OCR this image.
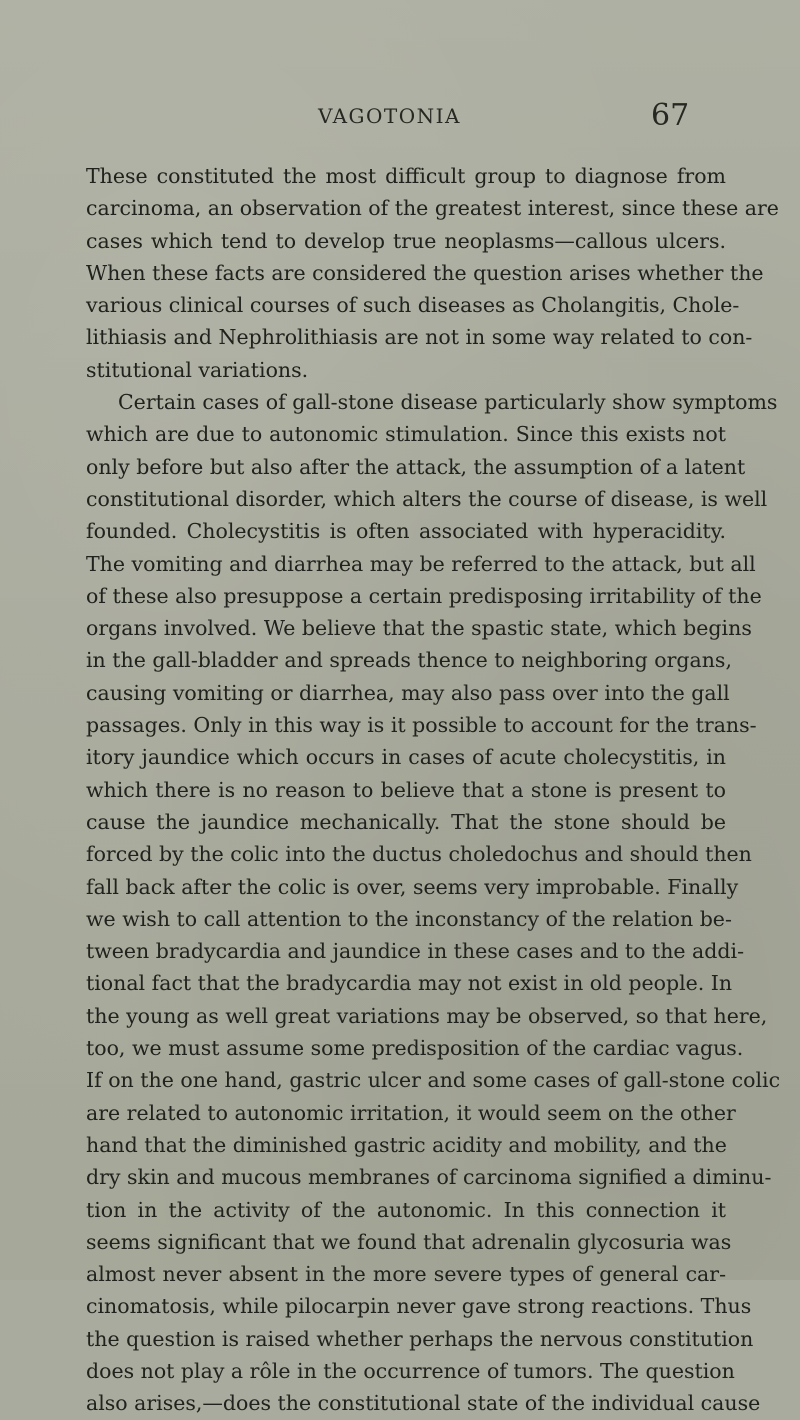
VAGOTONIA	67
These constituted the most difficult group to diagnose from
carcinoma, an observation of the greatest interest, since these are
cases which tend to develop true neoplasms—callous ulcers.
When these facts are considered the question arises whether the
various clinical courses of such diseases as Cholangitis, Chole-
lithiasis and Nephrolithiasis are not in some way related to con-
stitutional variations.
Certain cases of gall-stone disease particularly show symptoms
which are due to autonomic stimulation. Since this exists not
only before but also after the attack, the assumption of a latent
constitutional disorder, which alters the course of disease, is well
founded. Cholecystitis is often associated with hyperacidity.
The vomiting and diarrhea may be referred to the attack, but all
of these also presuppose a certain predisposing irritability of the
organs involved. We believe that the spastic state, which begins
in the gall-bladder and spreads thence to neighboring organs,
causing vomiting or diarrhea, may also pass over into the gall
passages. Only in this way is it possible to account for the trans-
itory jaundice which occurs in cases of acute cholecystitis, in
which there is no reason to believe that a stone is present to
cause the jaundice mechanically. That the stone should be
forced by the colic into the ductus choledochus and should then
fall back after the colic is over, seems very improbable. Finally
we wish to call attention to the inconstancy of the relation be-
tween bradycardia and jaundice in these cases and to the addi-
tional fact that the bradycardia may not exist in old people. In
the young as well great variations may be observed, so that here,
too, we must assume some predisposition of the cardiac vagus.
If on the one hand, gastric ulcer and some cases of gall-stone colic
are related to autonomic irritation, it would seem on the other
hand that the diminished gastric acidity and mobility, and the
dry skin and mucous membranes of carcinoma signified a diminu-
tion in the activity of the autonomic. In this connection it
seems significant that we found that adrenalin glycosuria was
almost never absent in the more severe types of general car-
cinomatosis, while pilocarpin never gave strong reactions. Thus
the question is raised whether perhaps the nervous constitution
does not play a rôle in the occurrence of tumors. The question
also arises,—does the constitutional state of the individual cause
